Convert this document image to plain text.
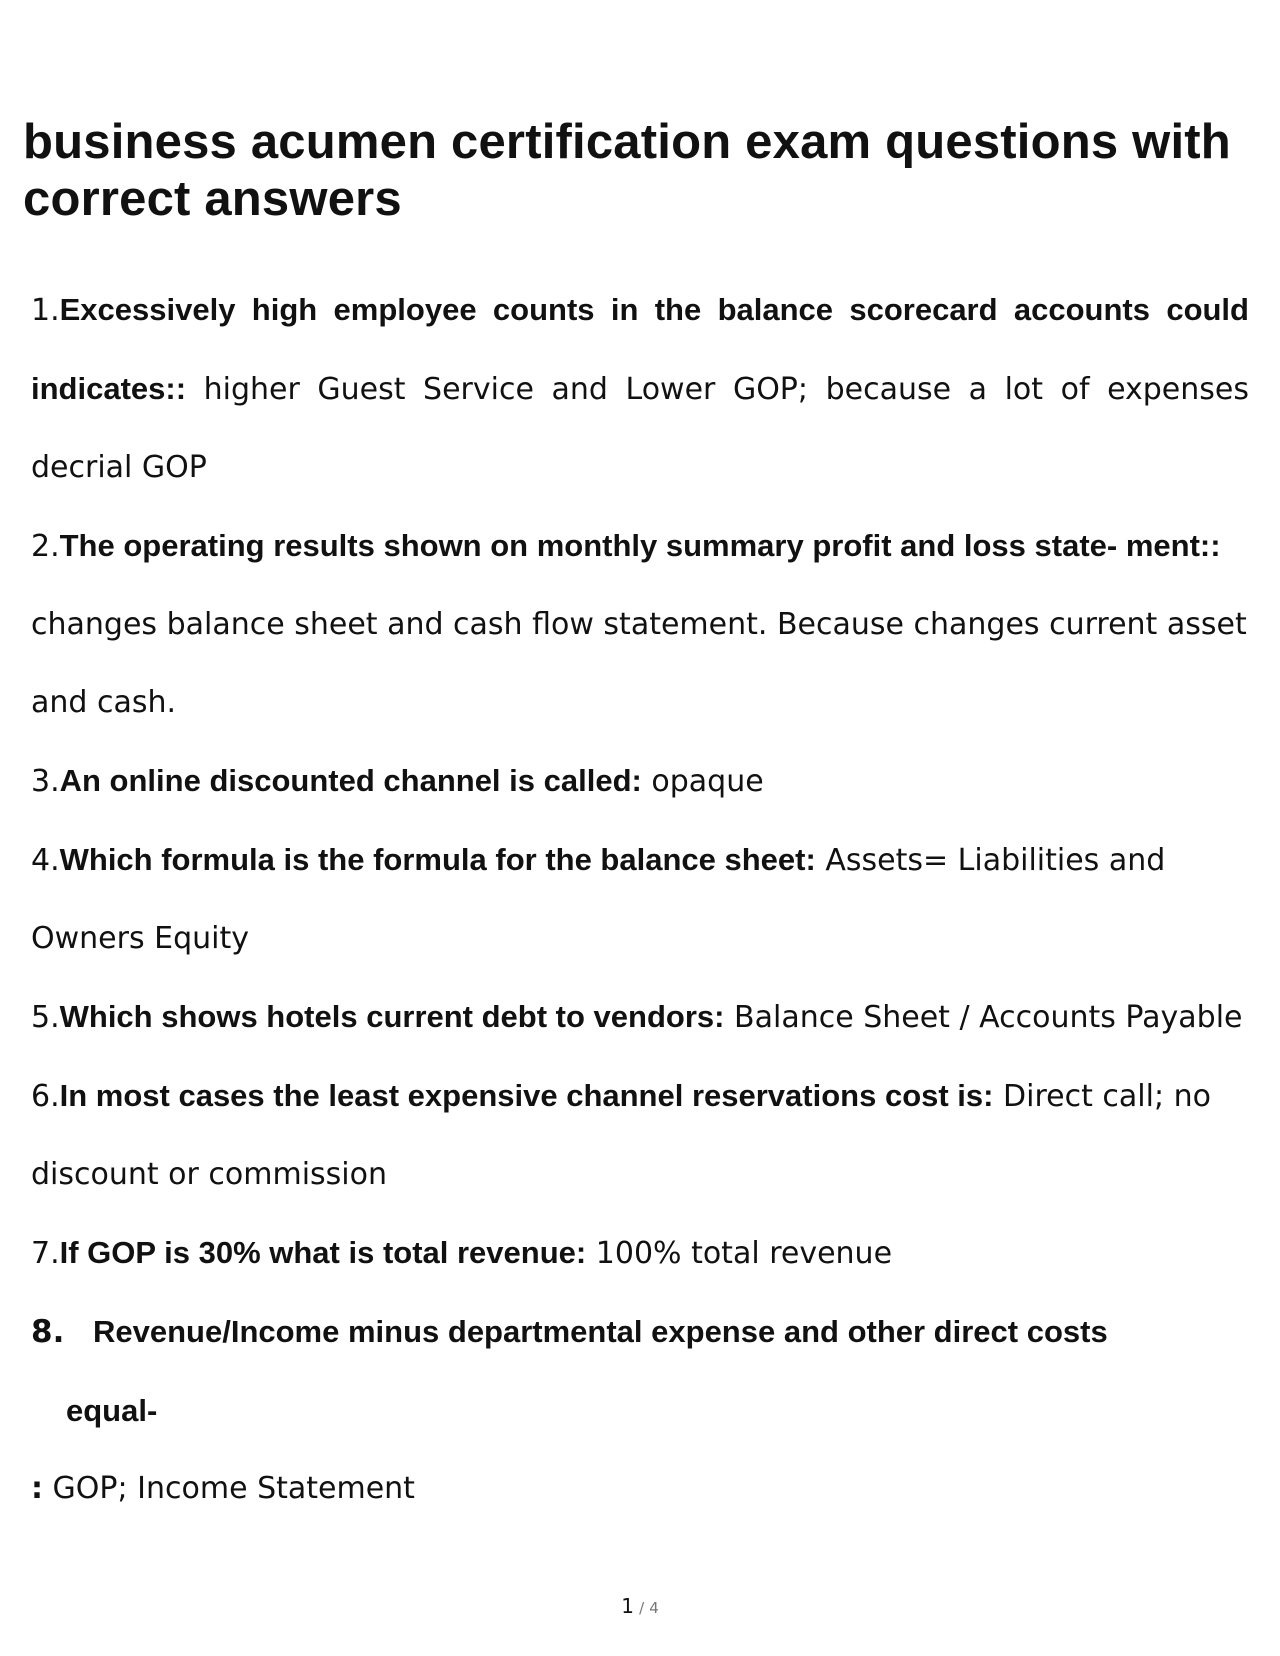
business acumen certification exam questions with correct answers

1.Excessively high employee counts in the balance scorecard accounts could indicates:: higher Guest Service and Lower GOP; because a lot of expenses decrial GOP

2.The operating results shown on monthly summary profit and loss state- ment:: changes balance sheet and cash flow statement. Because changes current asset and cash.

3.An online discounted channel is called: opaque

4.Which formula is the formula for the balance sheet: Assets= Liabilities and Owners Equity

5.Which shows hotels current debt to vendors: Balance Sheet / Accounts Payable

6.In most cases the least expensive channel reservations cost is: Direct call; no discount or commission

7.If GOP is 30% what is total revenue: 100% total revenue

8. Revenue/Income minus departmental expense and other direct costs

equal-

: GOP; Income Statement

1 / 4
